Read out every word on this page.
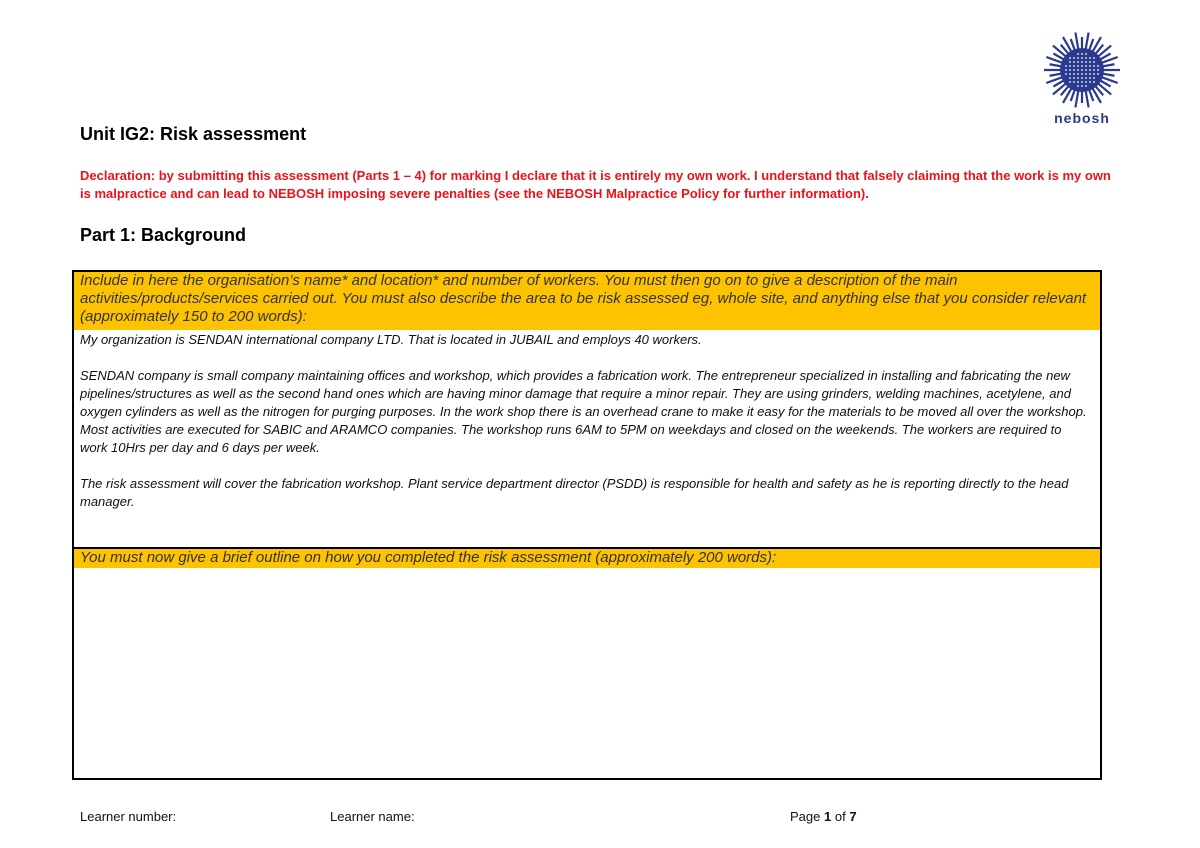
nebosh
Unit IG2: Risk assessment

Declaration: by submitting this assessment (Parts 1 – 4) for marking I declare that it is entirely my own work. I understand that falsely claiming that the work is my own is malpractice and can lead to NEBOSH imposing severe penalties (see the NEBOSH Malpractice Policy for further information).

Part 1: Background
Include in here the organisation’s name* and location* and number of workers. You must then go on to give a description of the main activities/products/services carried out. You must also describe the area to be risk assessed eg, whole site, and anything else that you consider relevant (approximately 150 to 200 words):

My organization is SENDAN international company LTD. That is located in JUBAIL and employs 40 workers.

SENDAN company is small company maintaining offices and workshop, which provides a fabrication work. The entrepreneur specialized in installing and fabricating the new pipelines/structures as well as the second hand ones which are having minor damage that require a minor repair. They are using grinders, welding machines, acetylene, and oxygen cylinders as well as the nitrogen for purging purposes. In the work shop there is an overhead crane to make it easy for the materials to be moved all over the workshop. Most activities are executed for SABIC and ARAMCO companies. The workshop runs 6AM to 5PM on weekdays and closed on the weekends. The workers are required to work 10Hrs per day and 6 days per week.

The risk assessment will cover the fabrication workshop. Plant service department director (PSDD) is responsible for health and safety as he is reporting directly to the head manager.

You must now give a brief outline on how you completed the risk assessment (approximately 200 words):
Learner number:	Learner name:	Page 1 of 7
